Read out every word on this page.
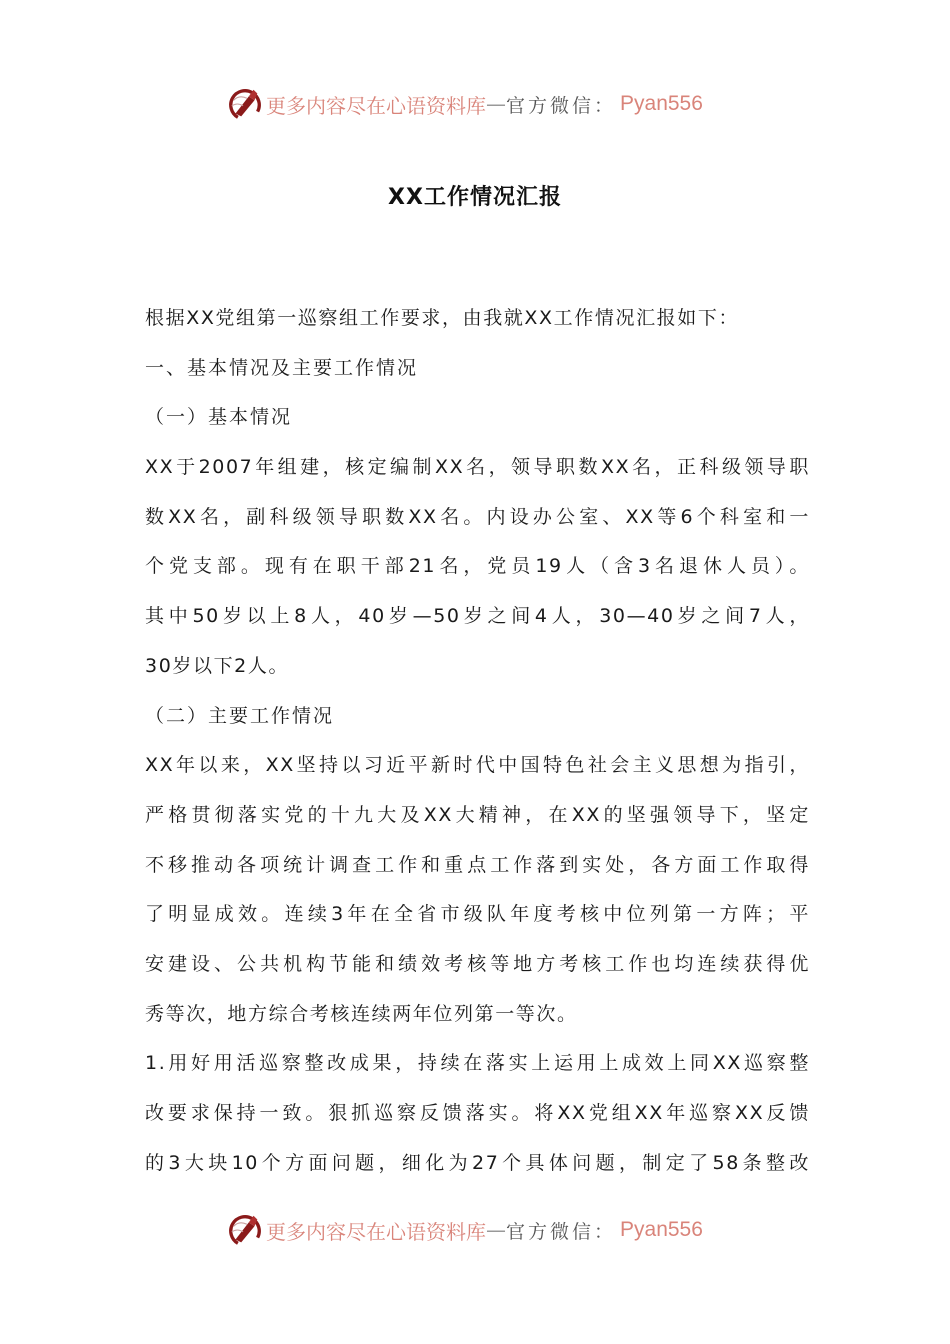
更多内容尽在心语资料库 — 官方微信： Pyan556
XX工作情况汇报
根据XX党组第一巡察组工作要求，由我就XX工作情况汇报如下：
一、基本情况及主要工作情况
（一）基本情况
XX于2007年组建，核定编制XX名，领导职数XX名，正科级领导职
数XX名，副科级领导职数XX名。内设办公室、XX等6个科室和一
个党支部。现有在职干部21名，党员19人（含3名退休人员）。
其中50岁以上8人，40岁—50岁之间4人，30—40岁之间7人，
30岁以下2人。
（二）主要工作情况
XX年以来，XX坚持以习近平新时代中国特色社会主义思想为指引，
严格贯彻落实党的十九大及XX大精神，在XX的坚强领导下，坚定
不移推动各项统计调查工作和重点工作落到实处，各方面工作取得
了明显成效。连续3年在全省市级队年度考核中位列第一方阵；平
安建设、公共机构节能和绩效考核等地方考核工作也均连续获得优
秀等次，地方综合考核连续两年位列第一等次。
1.用好用活巡察整改成果，持续在落实上运用上成效上同XX巡察整
改要求保持一致。狠抓巡察反馈落实。将XX党组XX年巡察XX反馈
的3大块10个方面问题，细化为27个具体问题，制定了58条整改
更多内容尽在心语资料库 — 官方微信： Pyan556
